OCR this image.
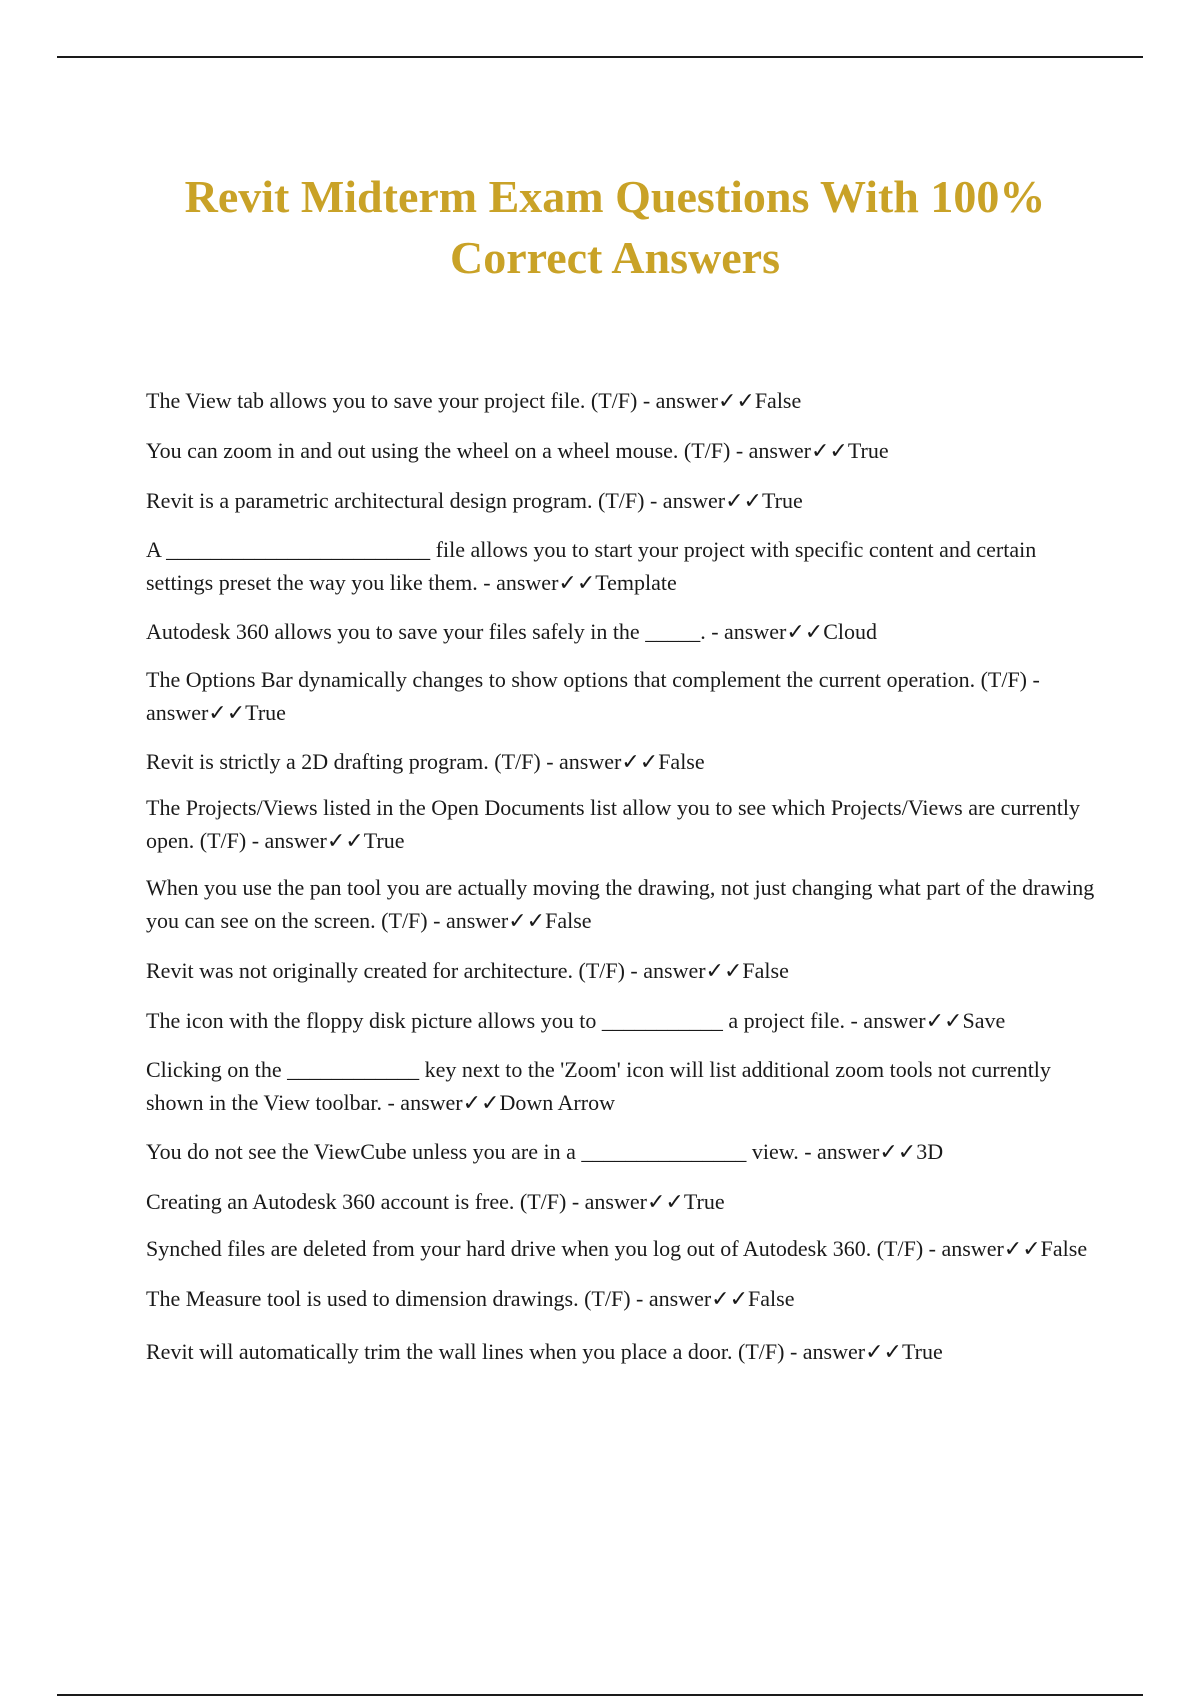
Revit Midterm Exam Questions With 100% Correct Answers
The View tab allows you to save your project file. (T/F) - answer✓✓False
You can zoom in and out using the wheel on a wheel mouse. (T/F) - answer✓✓True
Revit is a parametric architectural design program. (T/F) - answer✓✓True
A ________________________ file allows you to start your project with specific content and certain settings preset the way you like them. - answer✓✓Template
Autodesk 360 allows you to save your files safely in the _____. - answer✓✓Cloud
The Options Bar dynamically changes to show options that complement the current operation. (T/F) - answer✓✓True
Revit is strictly a 2D drafting program. (T/F) - answer✓✓False
The Projects/Views listed in the Open Documents list allow you to see which Projects/Views are currently open. (T/F) - answer✓✓True
When you use the pan tool you are actually moving the drawing, not just changing what part of the drawing you can see on the screen. (T/F) - answer✓✓False
Revit was not originally created for architecture. (T/F) - answer✓✓False
The icon with the floppy disk picture allows you to ___________ a project file. - answer✓✓Save
Clicking on the ____________ key next to the 'Zoom' icon will list additional zoom tools not currently shown in the View toolbar. - answer✓✓Down Arrow
You do not see the ViewCube unless you are in a _______________ view. - answer✓✓3D
Creating an Autodesk 360 account is free. (T/F) - answer✓✓True
Synched files are deleted from your hard drive when you log out of Autodesk 360. (T/F) - answer✓✓False
The Measure tool is used to dimension drawings. (T/F) - answer✓✓False
Revit will automatically trim the wall lines when you place a door. (T/F) - answer✓✓True
